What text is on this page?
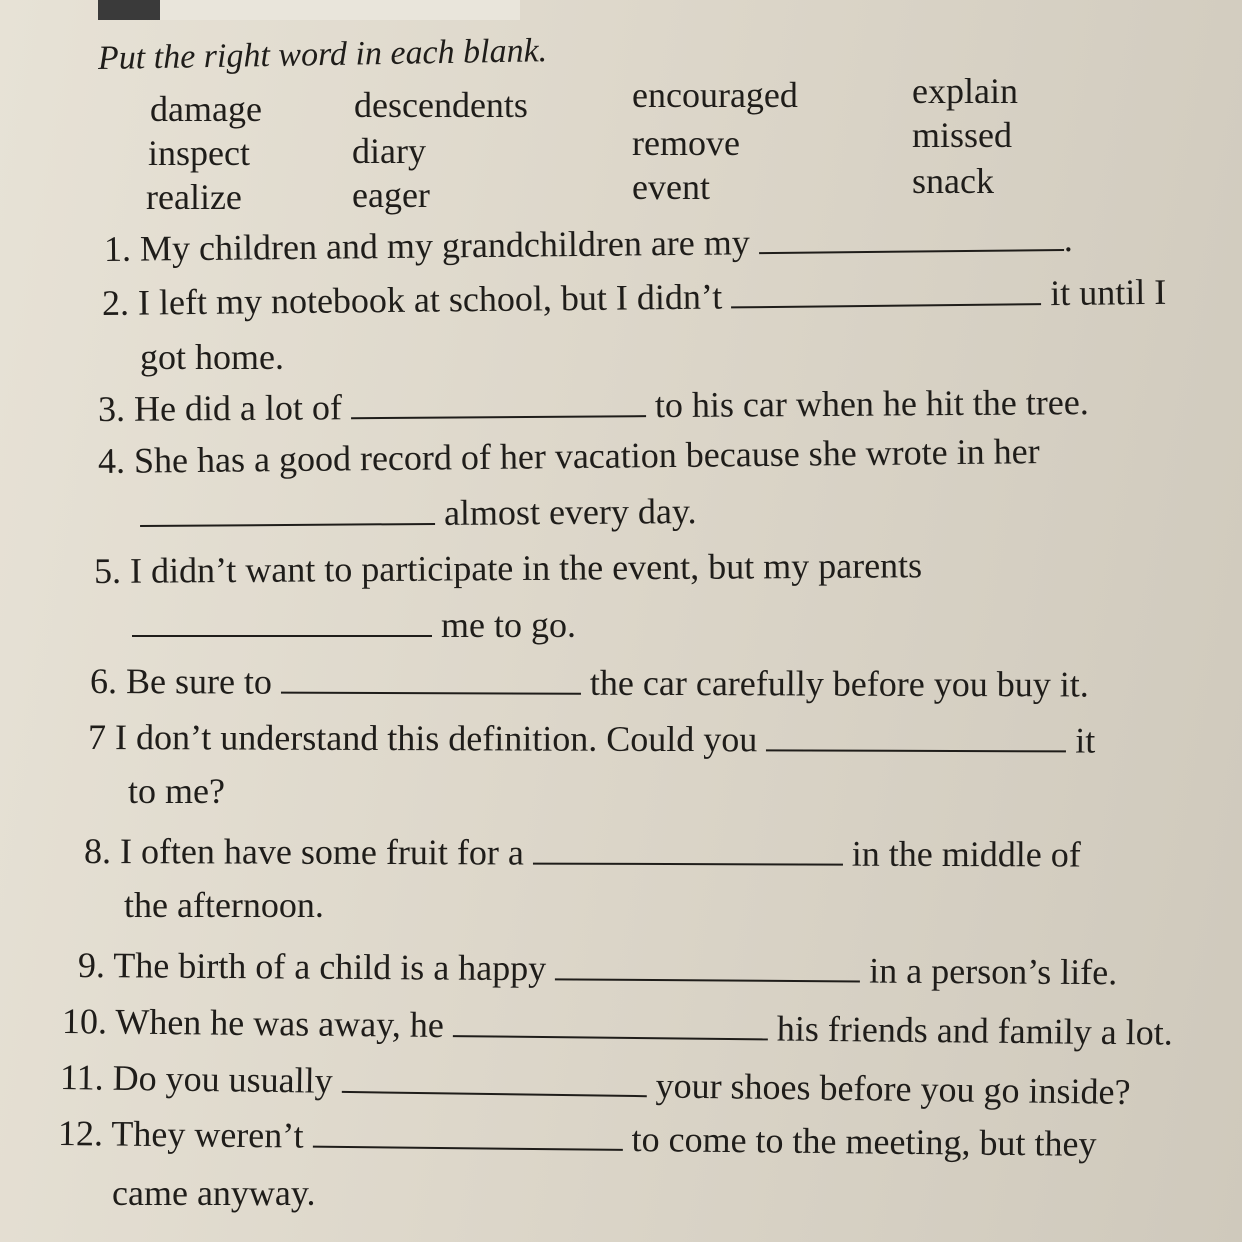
Put the right word in each blank.
damage	descendents	encouraged	explain
inspect	diary	remove	missed
realize	eager	event	snack
1. My children and my grandchildren are my	.
2. I left my notebook at school, but I didn’t	it until I
got home.
3. He did a lot of	to his car when he hit the tree.
4. She has a good record of her vacation because she wrote in her
almost every day.
5. I didn’t want to participate in the event, but my parents
me to go.
6. Be sure to	the car carefully before you buy it.
7 I don’t understand this definition. Could you	it
to me?
8. I often have some fruit for a	in the middle of
the afternoon.
9. The birth of a child is a happy	in a person’s life.
10. When he was away, he	his friends and family a lot.
11. Do you usually	your shoes before you go inside?
12. They weren’t	to come to the meeting, but they
came anyway.
